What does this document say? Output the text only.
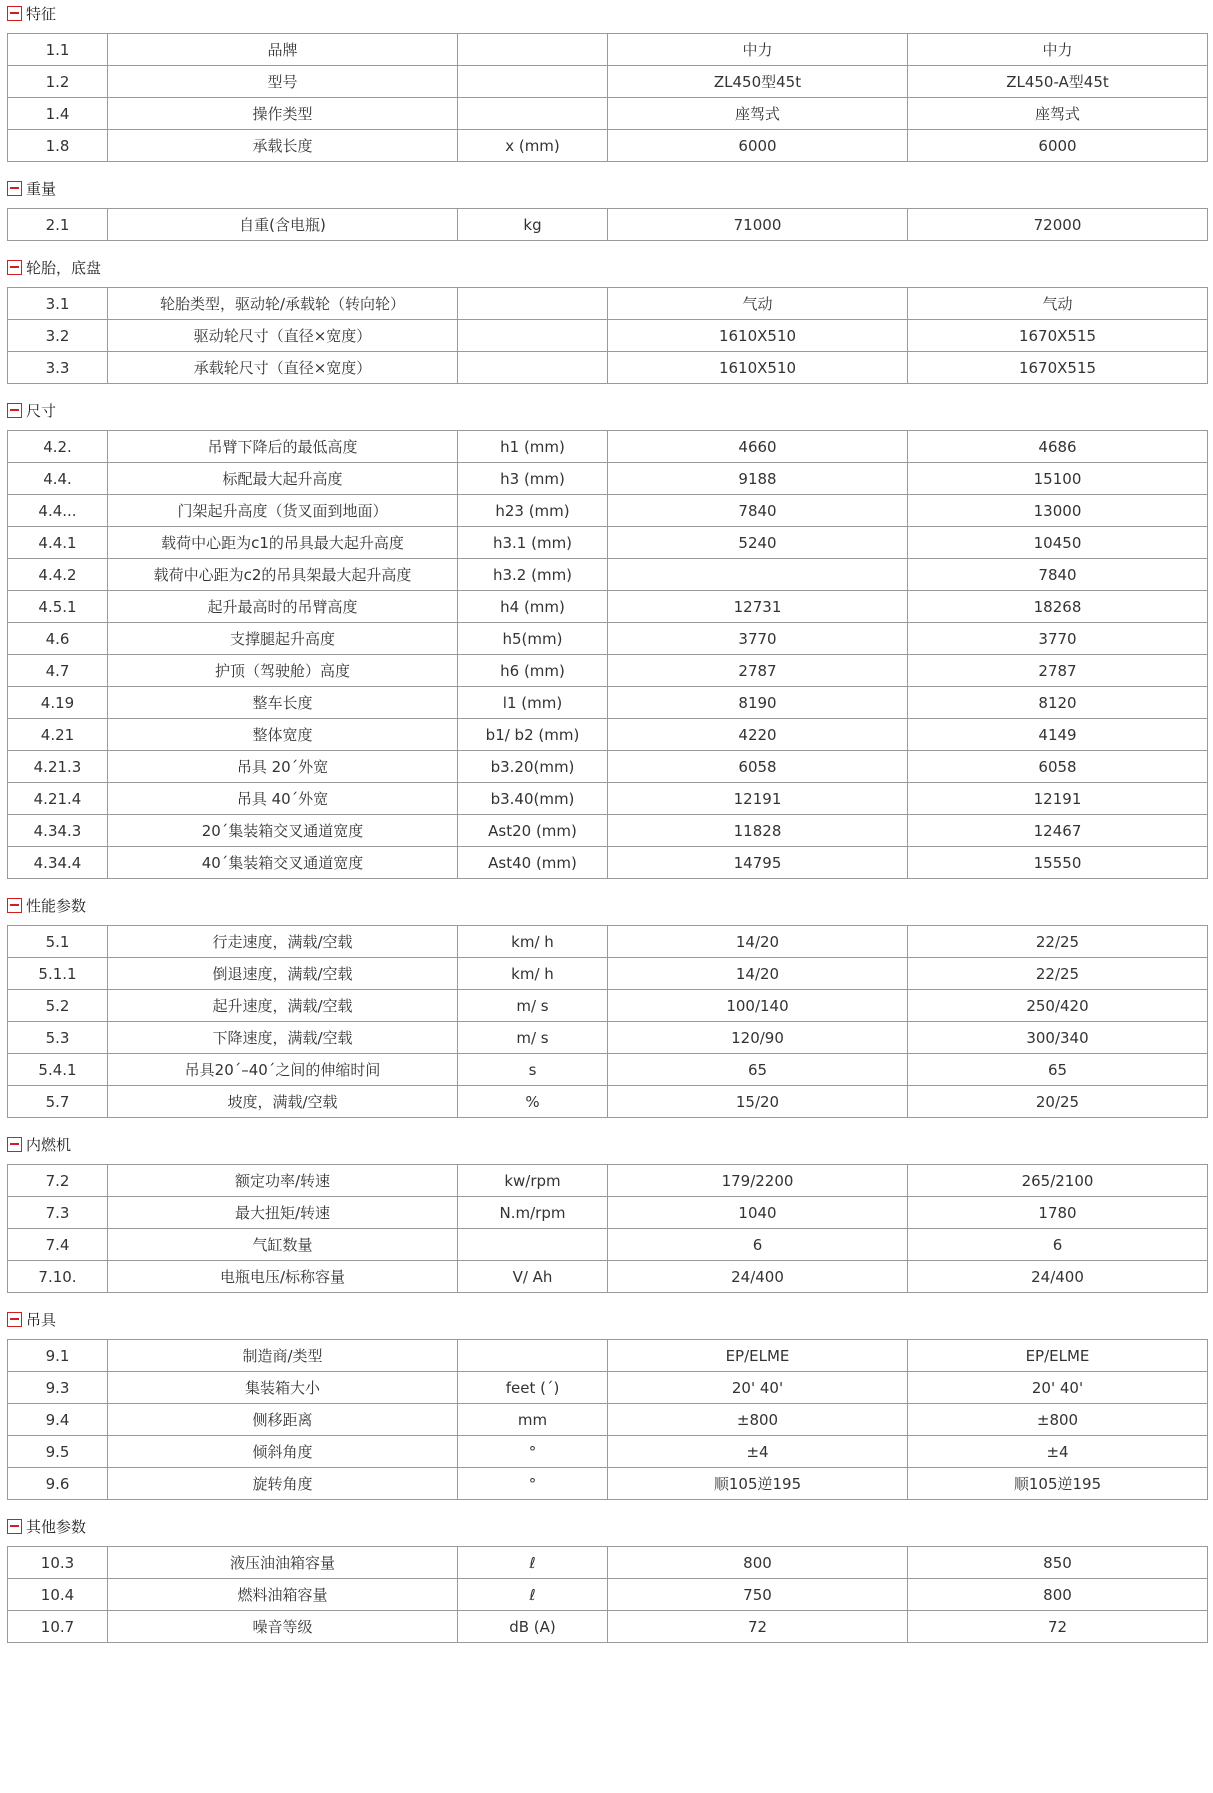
特征
1.1	品牌		中力	中力
1.2	型号		ZL450型45t	ZL450-A型45t
1.4	操作类型		座驾式	座驾式
1.8	承载长度	x (mm)	6000	6000
重量
2.1	自重(含电瓶)	kg	71000	72000
轮胎，底盘
3.1	轮胎类型，驱动轮/承载轮（转向轮）		气动	气动
3.2	驱动轮尺寸（直径×宽度）		1610X510	1670X515
3.3	承载轮尺寸（直径×宽度）		1610X510	1670X515
尺寸
4.2.	吊臂下降后的最低高度	h1 (mm)	4660	4686
4.4.	标配最大起升高度	h3 (mm)	9188	15100
4.4...	门架起升高度（货叉面到地面）	h23 (mm)	7840	13000
4.4.1	载荷中心距为c1的吊具最大起升高度	h3.1 (mm)	5240	10450
4.4.2	载荷中心距为c2的吊具架最大起升高度	h3.2 (mm)		7840
4.5.1	起升最高时的吊臂高度	h4 (mm)	12731	18268
4.6	支撑腿起升高度	h5(mm)	3770	3770
4.7	护顶（驾驶舱）高度	h6 (mm)	2787	2787
4.19	整车长度	l1 (mm)	8190	8120
4.21	整体宽度	b1/ b2 (mm)	4220	4149
4.21.3	吊具 20´外宽	b3.20(mm)	6058	6058
4.21.4	吊具 40´外宽	b3.40(mm)	12191	12191
4.34.3	20´集装箱交叉通道宽度	Ast20 (mm)	11828	12467
4.34.4	40´集装箱交叉通道宽度	Ast40 (mm)	14795	15550
性能参数
5.1	行走速度，满载/空载	km/ h	14/20	22/25
5.1.1	倒退速度，满载/空载	km/ h	14/20	22/25
5.2	起升速度，满载/空载	m/ s	100/140	250/420
5.3	下降速度，满载/空载	m/ s	120/90	300/340
5.4.1	吊具20´–40´之间的伸缩时间	s	65	65
5.7	坡度，满载/空载	%	15/20	20/25
内燃机
7.2	额定功率/转速	kw/rpm	179/2200	265/2100
7.3	最大扭矩/转速	N.m/rpm	1040	1780
7.4	气缸数量		6	6
7.10.	电瓶电压/标称容量	V/ Ah	24/400	24/400
吊具
9.1	制造商/类型		EP/ELME	EP/ELME
9.3	集装箱大小	feet (´)	20' 40'	20' 40'
9.4	侧移距离	mm	±800	±800
9.5	倾斜角度	°	±4	±4
9.6	旋转角度	°	顺105逆195	顺105逆195
其他参数
10.3	液压油油箱容量	ℓ	800	850
10.4	燃料油箱容量	ℓ	750	800
10.7	噪音等级	dB (A)	72	72
